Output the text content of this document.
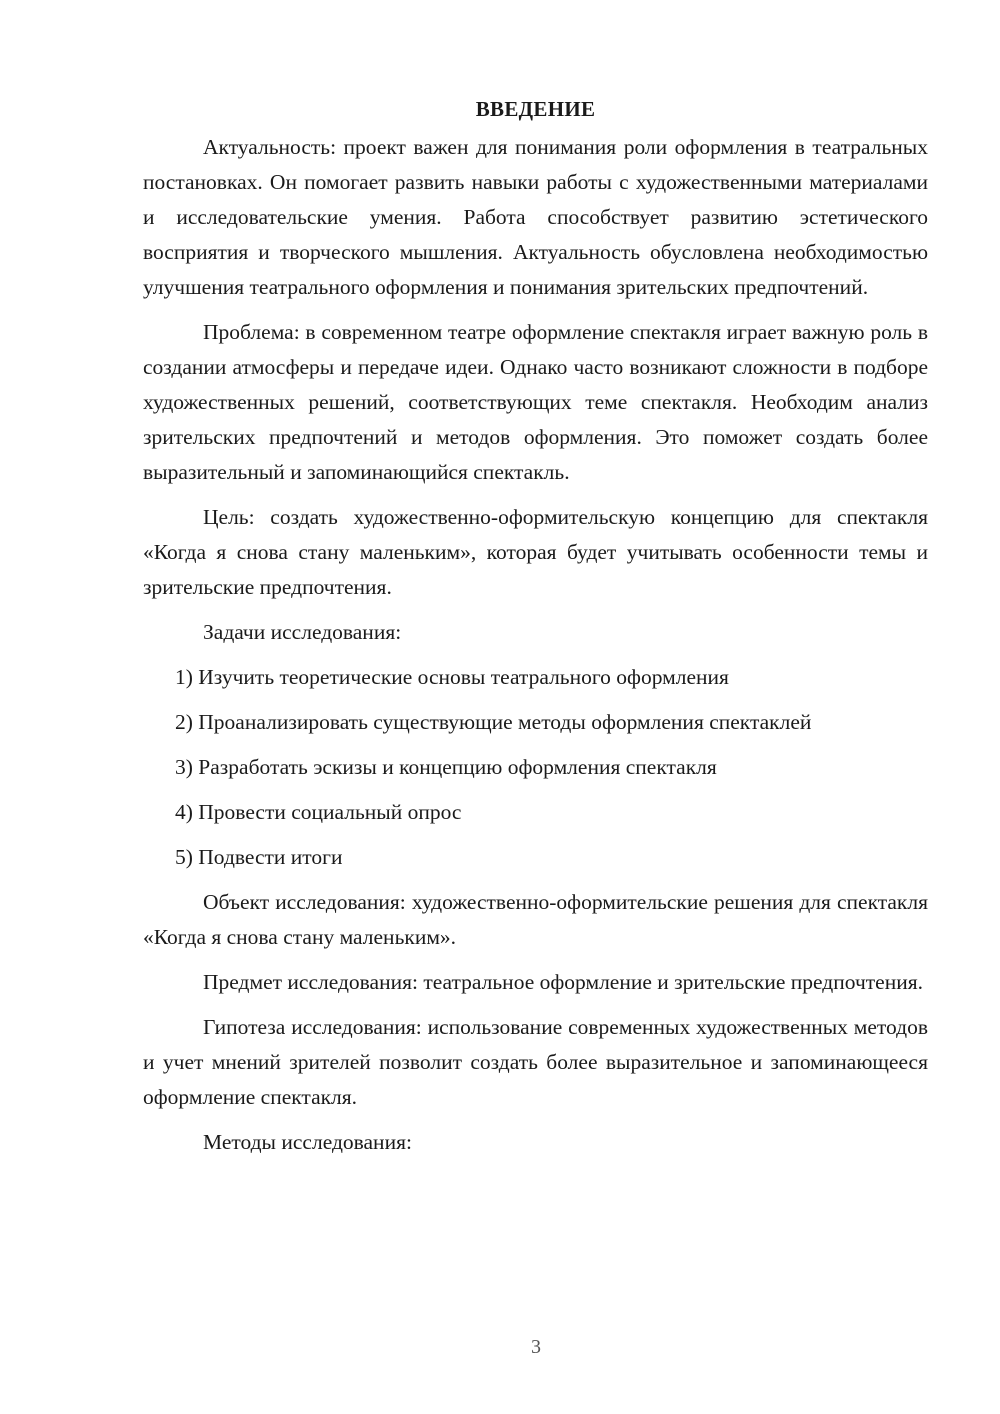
ВВЕДЕНИЕ

Актуальность: проект важен для понимания роли оформления в театральных постановках. Он помогает развить навыки работы с художественными материалами и исследовательские умения. Работа способствует развитию эстетического восприятия и творческого мышления. Актуальность обусловлена необходимостью улучшения театрального оформления и понимания зрительских предпочтений.

Проблема: в современном театре оформление спектакля играет важную роль в создании атмосферы и передаче идеи. Однако часто возникают сложности в подборе художественных решений, соответствующих теме спектакля. Необходим анализ зрительских предпочтений и методов оформления. Это поможет создать более выразительный и запоминающийся спектакль.

Цель: создать художественно-оформительскую концепцию для спектакля «Когда я снова стану маленьким», которая будет учитывать особенности темы и зрительские предпочтения.

Задачи исследования:

1) Изучить теоретические основы театрального оформления
2) Проанализировать существующие методы оформления спектаклей
3) Разработать эскизы и концепцию оформления спектакля
4) Провести социальный опрос
5) Подвести итоги

Объект исследования: художественно-оформительские решения для спектакля «Когда я снова стану маленьким».

Предмет исследования: театральное оформление и зрительские предпочтения.

Гипотеза исследования: использование современных художественных методов и учет мнений зрителей позволит создать более выразительное и запоминающееся оформление спектакля.

Методы исследования:

3
